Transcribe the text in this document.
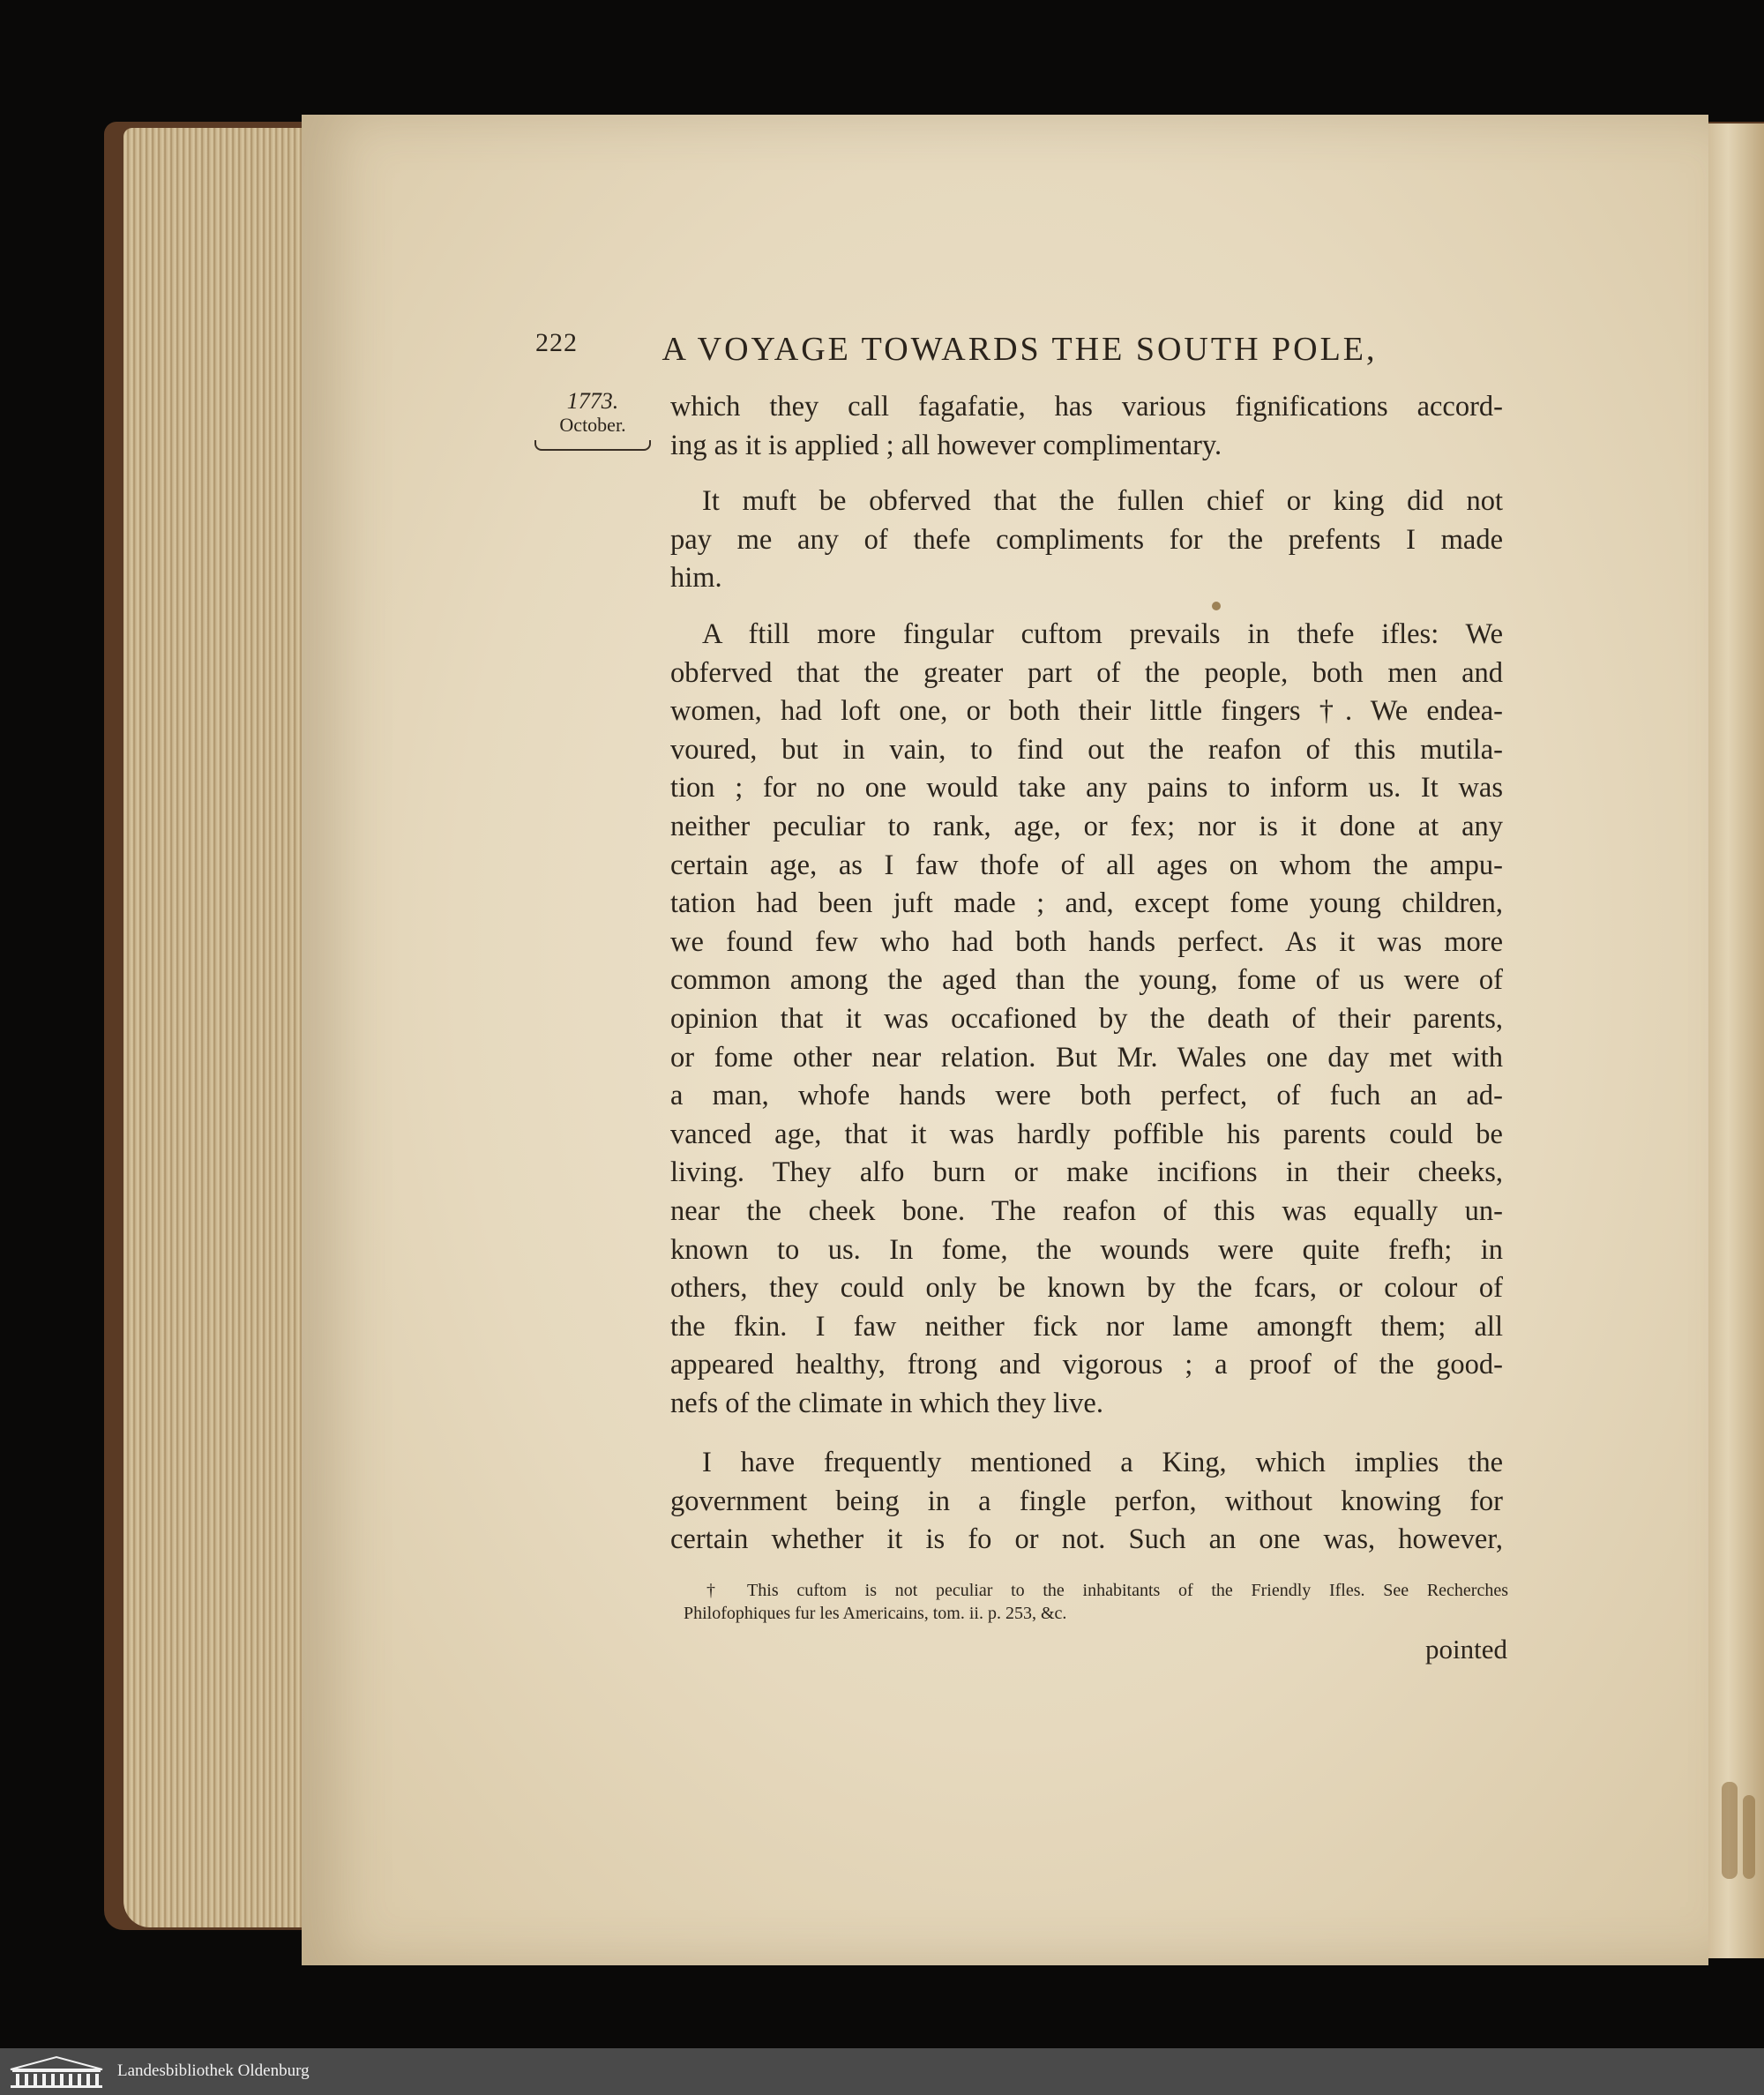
222	A VOYAGE TOWARDS THE SOUTH POLE,
1773.
October.
which they call fagafatie, has various fignifications accord-
ing as it is applied ; all however complimentary.
It muft be obferved that the fullen chief or king did not
pay me any of thefe compliments for the prefents I made
him.
A ftill more fingular cuftom prevails in thefe ifles: We
obferved that the greater part of the people, both men and
women, had loft one, or both their little fingers †. We endea-
voured, but in vain, to find out the reafon of this mutila-
tion ; for no one would take any pains to inform us. It was
neither peculiar to rank, age, or fex; nor is it done at any
certain age, as I faw thofe of all ages on whom the ampu-
tation had been juft made ; and, except fome young children,
we found few who had both hands perfect. As it was more
common among the aged than the young, fome of us were of
opinion that it was occafioned by the death of their parents,
or fome other near relation. But Mr. Wales one day met with
a man, whofe hands were both perfect, of fuch an ad-
vanced age, that it was hardly poffible his parents could be
living. They alfo burn or make incifions in their cheeks,
near the cheek bone. The reafon of this was equally un-
known to us. In fome, the wounds were quite frefh; in
others, they could only be known by the fcars, or colour of
the fkin. I faw neither fick nor lame amongft them; all
appeared healthy, ftrong and vigorous ; a proof of the good-
nefs of the climate in which they live.
I have frequently mentioned a King, which implies the
government being in a fingle perfon, without knowing for
certain whether it is fo or not. Such an one was, however,
† This cuftom is not peculiar to the inhabitants of the Friendly Ifles. See Recherches
Philofophiques fur les Americains, tom. ii. p. 253, &c.
pointed
Landesbibliothek Oldenburg
